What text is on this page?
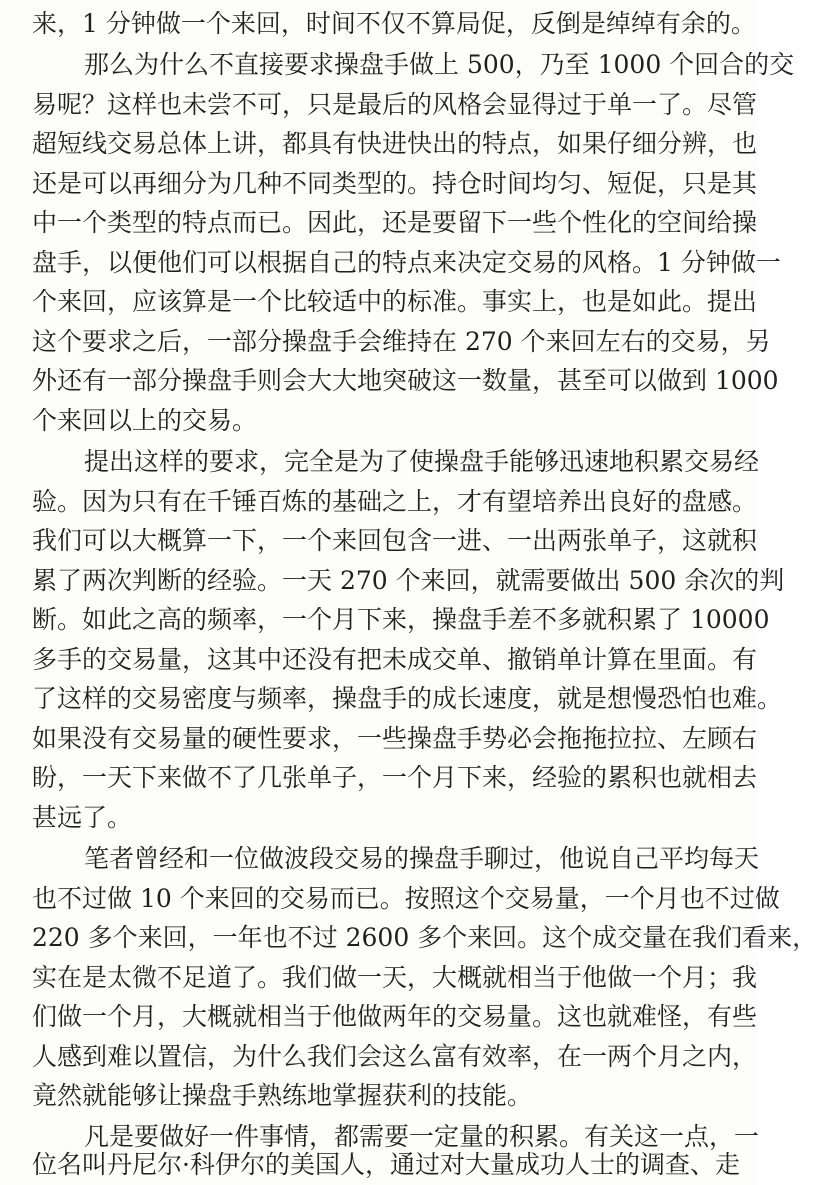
来，1 分钟做一个来回，时间不仅不算局促，反倒是绰绰有余的。
那么为什么不直接要求操盘手做上 500，乃至 1000 个回合的交
易呢？这样也未尝不可，只是最后的风格会显得过于单一了。尽管
超短线交易总体上讲，都具有快进快出的特点，如果仔细分辨，也
还是可以再细分为几种不同类型的。持仓时间均匀、短促，只是其
中一个类型的特点而已。因此，还是要留下一些个性化的空间给操
盘手，以便他们可以根据自己的特点来决定交易的风格。1 分钟做一
个来回，应该算是一个比较适中的标准。事实上，也是如此。提出
这个要求之后，一部分操盘手会维持在 270 个来回左右的交易，另
外还有一部分操盘手则会大大地突破这一数量，甚至可以做到 1000
个来回以上的交易。
提出这样的要求，完全是为了使操盘手能够迅速地积累交易经
验。因为只有在千锤百炼的基础之上，才有望培养出良好的盘感。
我们可以大概算一下，一个来回包含一进、一出两张单子，这就积
累了两次判断的经验。一天 270 个来回，就需要做出 500 余次的判
断。如此之高的频率，一个月下来，操盘手差不多就积累了 10000
多手的交易量，这其中还没有把未成交单、撤销单计算在里面。有
了这样的交易密度与频率，操盘手的成长速度，就是想慢恐怕也难。
如果没有交易量的硬性要求，一些操盘手势必会拖拖拉拉、左顾右
盼，一天下来做不了几张单子，一个月下来，经验的累积也就相去
甚远了。
笔者曾经和一位做波段交易的操盘手聊过，他说自己平均每天
也不过做 10 个来回的交易而已。按照这个交易量，一个月也不过做
220 多个来回，一年也不过 2600 多个来回。这个成交量在我们看来，
实在是太微不足道了。我们做一天，大概就相当于他做一个月；我
们做一个月，大概就相当于他做两年的交易量。这也就难怪，有些
人感到难以置信，为什么我们会这么富有效率，在一两个月之内，
竟然就能够让操盘手熟练地掌握获利的技能。
凡是要做好一件事情，都需要一定量的积累。有关这一点，一
位名叫丹尼尔·科伊尔的美国人，通过对大量成功人士的调查、走
